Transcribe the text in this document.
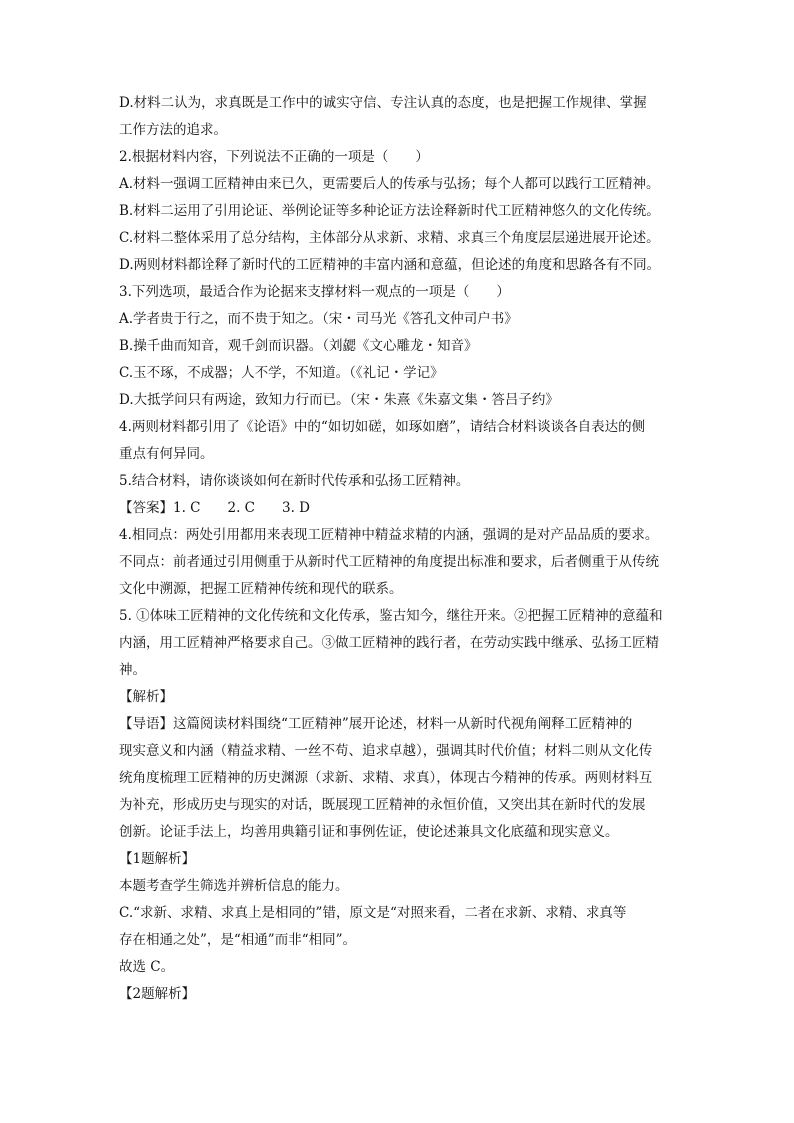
D.材料二认为，求真既是工作中的诚实守信、专注认真的态度，也是把握工作规律、掌握
工作方法的追求。
2.根据材料内容，下列说法不正确的一项是（　　）
A.材料一强调工匠精神由来已久，更需要后人的传承与弘扬；每个人都可以践行工匠精神。
B.材料二运用了引用论证、举例论证等多种论证方法诠释新时代工匠精神悠久的文化传统。
C.材料二整体采用了总分结构，主体部分从求新、求精、求真三个角度层层递进展开论述。
D.两则材料都诠释了新时代的工匠精神的丰富内涵和意蕴，但论述的角度和思路各有不同。
3.下列选项，最适合作为论据来支撑材料一观点的一项是（　　）
A.学者贵于行之，而不贵于知之。（宋・司马光《答孔文仲司户书》
B.操千曲而知音，观千剑而识器。（刘勰《文心雕龙・知音》
C.玉不琢，不成器；人不学，不知道。（《礼记・学记》
D.大抵学问只有两途，致知力行而已。（宋・朱熹《朱嘉文集・答吕子约》
4.两则材料都引用了《论语》中的“如切如磋，如琢如磨”，请结合材料谈谈各自表达的侧
重点有何异同。
5.结合材料，请你谈谈如何在新时代传承和弘扬工匠精神。
【答案】1. C　　2. C　　3. D
4.相同点：两处引用都用来表现工匠精神中精益求精的内涵，强调的是对产品品质的要求。
不同点：前者通过引用侧重于从新时代工匠精神的角度提出标准和要求，后者侧重于从传统
文化中溯源，把握工匠精神传统和现代的联系。
5. ①体味工匠精神的文化传统和文化传承，鉴古知今，继往开来。②把握工匠精神的意蕴和
内涵，用工匠精神严格要求自己。③做工匠精神的践行者，在劳动实践中继承、弘扬工匠精
神。
【解析】
【导语】这篇阅读材料围绕“工匠精神”展开论述，材料一从新时代视角阐释工匠精神的
现实意义和内涵（精益求精、一丝不苟、追求卓越），强调其时代价值；材料二则从文化传
统角度梳理工匠精神的历史渊源（求新、求精、求真），体现古今精神的传承。两则材料互
为补充，形成历史与现实的对话，既展现工匠精神的永恒价值，又突出其在新时代的发展
创新。论证手法上，均善用典籍引证和事例佐证，使论述兼具文化底蕴和现实意义。
【1题解析】
本题考查学生筛选并辨析信息的能力。
C.“求新、求精、求真上是相同的”错，原文是“对照来看，二者在求新、求精、求真等
存在相通之处”，是“相通”而非“相同”。
故选 C。
【2题解析】
